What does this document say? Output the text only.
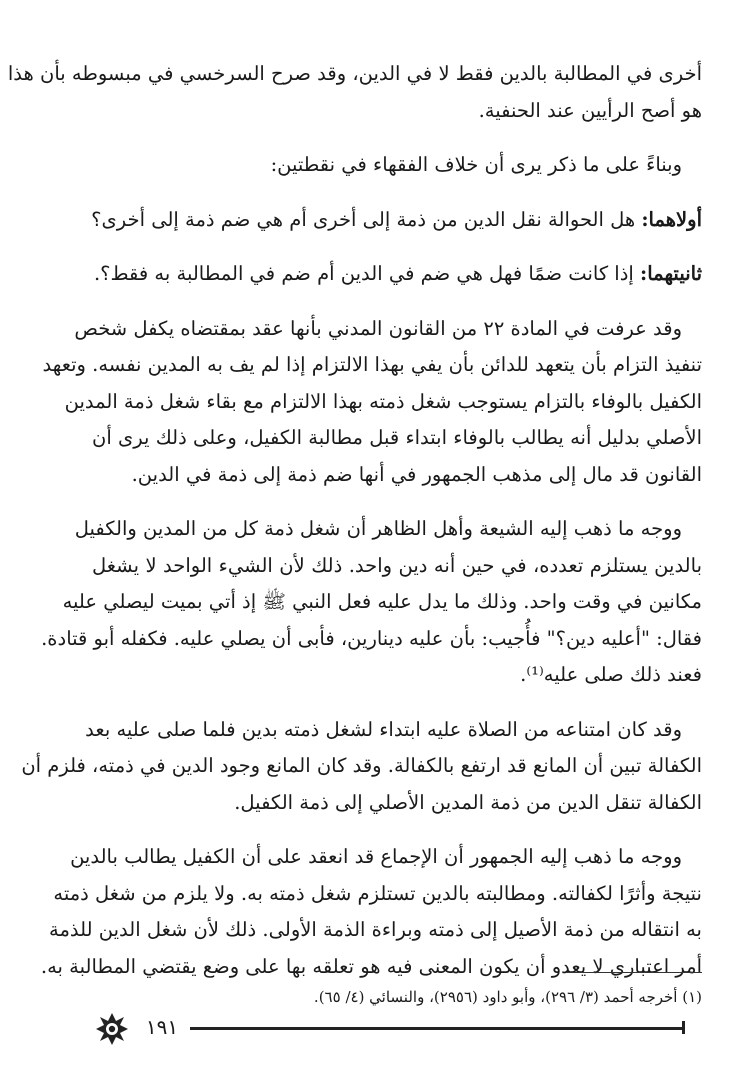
أخرى في المطالبة بالدين فقط لا في الدين، وقد صرح السرخسي في مبسوطه بأن هذا
هو أصح الرأيين عند الحنفية.

وبناءً على ما ذكر يرى أن خلاف الفقهاء في نقطتين:

أولاهما: هل الحوالة نقل الدين من ذمة إلى أخرى أم هي ضم ذمة إلى أخرى؟

ثانيتهما: إذا كانت ضمًا فهل هي ضم في الدين أم ضم في المطالبة به فقط؟.

وقد عرفت في المادة ٢٢ من القانون المدني بأنها عقد بمقتضاه يكفل شخص
تنفيذ التزام بأن يتعهد للدائن بأن يفي بهذا الالتزام إذا لم يف به المدين نفسه. وتعهد
الكفيل بالوفاء بالتزام يستوجب شغل ذمته بهذا الالتزام مع بقاء شغل ذمة المدين
الأصلي بدليل أنه يطالب بالوفاء ابتداء قبل مطالبة الكفيل، وعلى ذلك يرى أن
القانون قد مال إلى مذهب الجمهور في أنها ضم ذمة إلى ذمة في الدين.

ووجه ما ذهب إليه الشيعة وأهل الظاهر أن شغل ذمة كل من المدين والكفيل
بالدين يستلزم تعدده، في حين أنه دين واحد. ذلك لأن الشيء الواحد لا يشغل
مكانين في وقت واحد. وذلك ما يدل عليه فعل النبي ﷺ إذ أتي بميت ليصلي عليه
فقال: "أعليه دين؟" فأُجيب: بأن عليه دينارين، فأبى أن يصلي عليه. فكفله أبو قتادة.
فعند ذلك صلى عليه⁽¹⁾.

وقد كان امتناعه من الصلاة عليه ابتداء لشغل ذمته بدين فلما صلى عليه بعد
الكفالة تبين أن المانع قد ارتفع بالكفالة. وقد كان المانع وجود الدين في ذمته، فلزم أن
الكفالة تنقل الدين من ذمة المدين الأصلي إلى ذمة الكفيل.

ووجه ما ذهب إليه الجمهور أن الإجماع قد انعقد على أن الكفيل يطالب بالدين
نتيجة وأثرًا لكفالته. ومطالبته بالدين تستلزم شغل ذمته به. ولا يلزم من شغل ذمته
به انتقاله من ذمة الأصيل إلى ذمته وبراءة الذمة الأولى. ذلك لأن شغل الدين للذمة
أمر اعتباري لا يعدو أن يكون المعنى فيه هو تعلقه بها على وضع يقتضي المطالبة به.

(١) أخرجه أحمد (٣/ ٢٩٦)، وأبو داود (٢٩٥٦)، والنسائي (٤/ ٦٥).
١٩١
